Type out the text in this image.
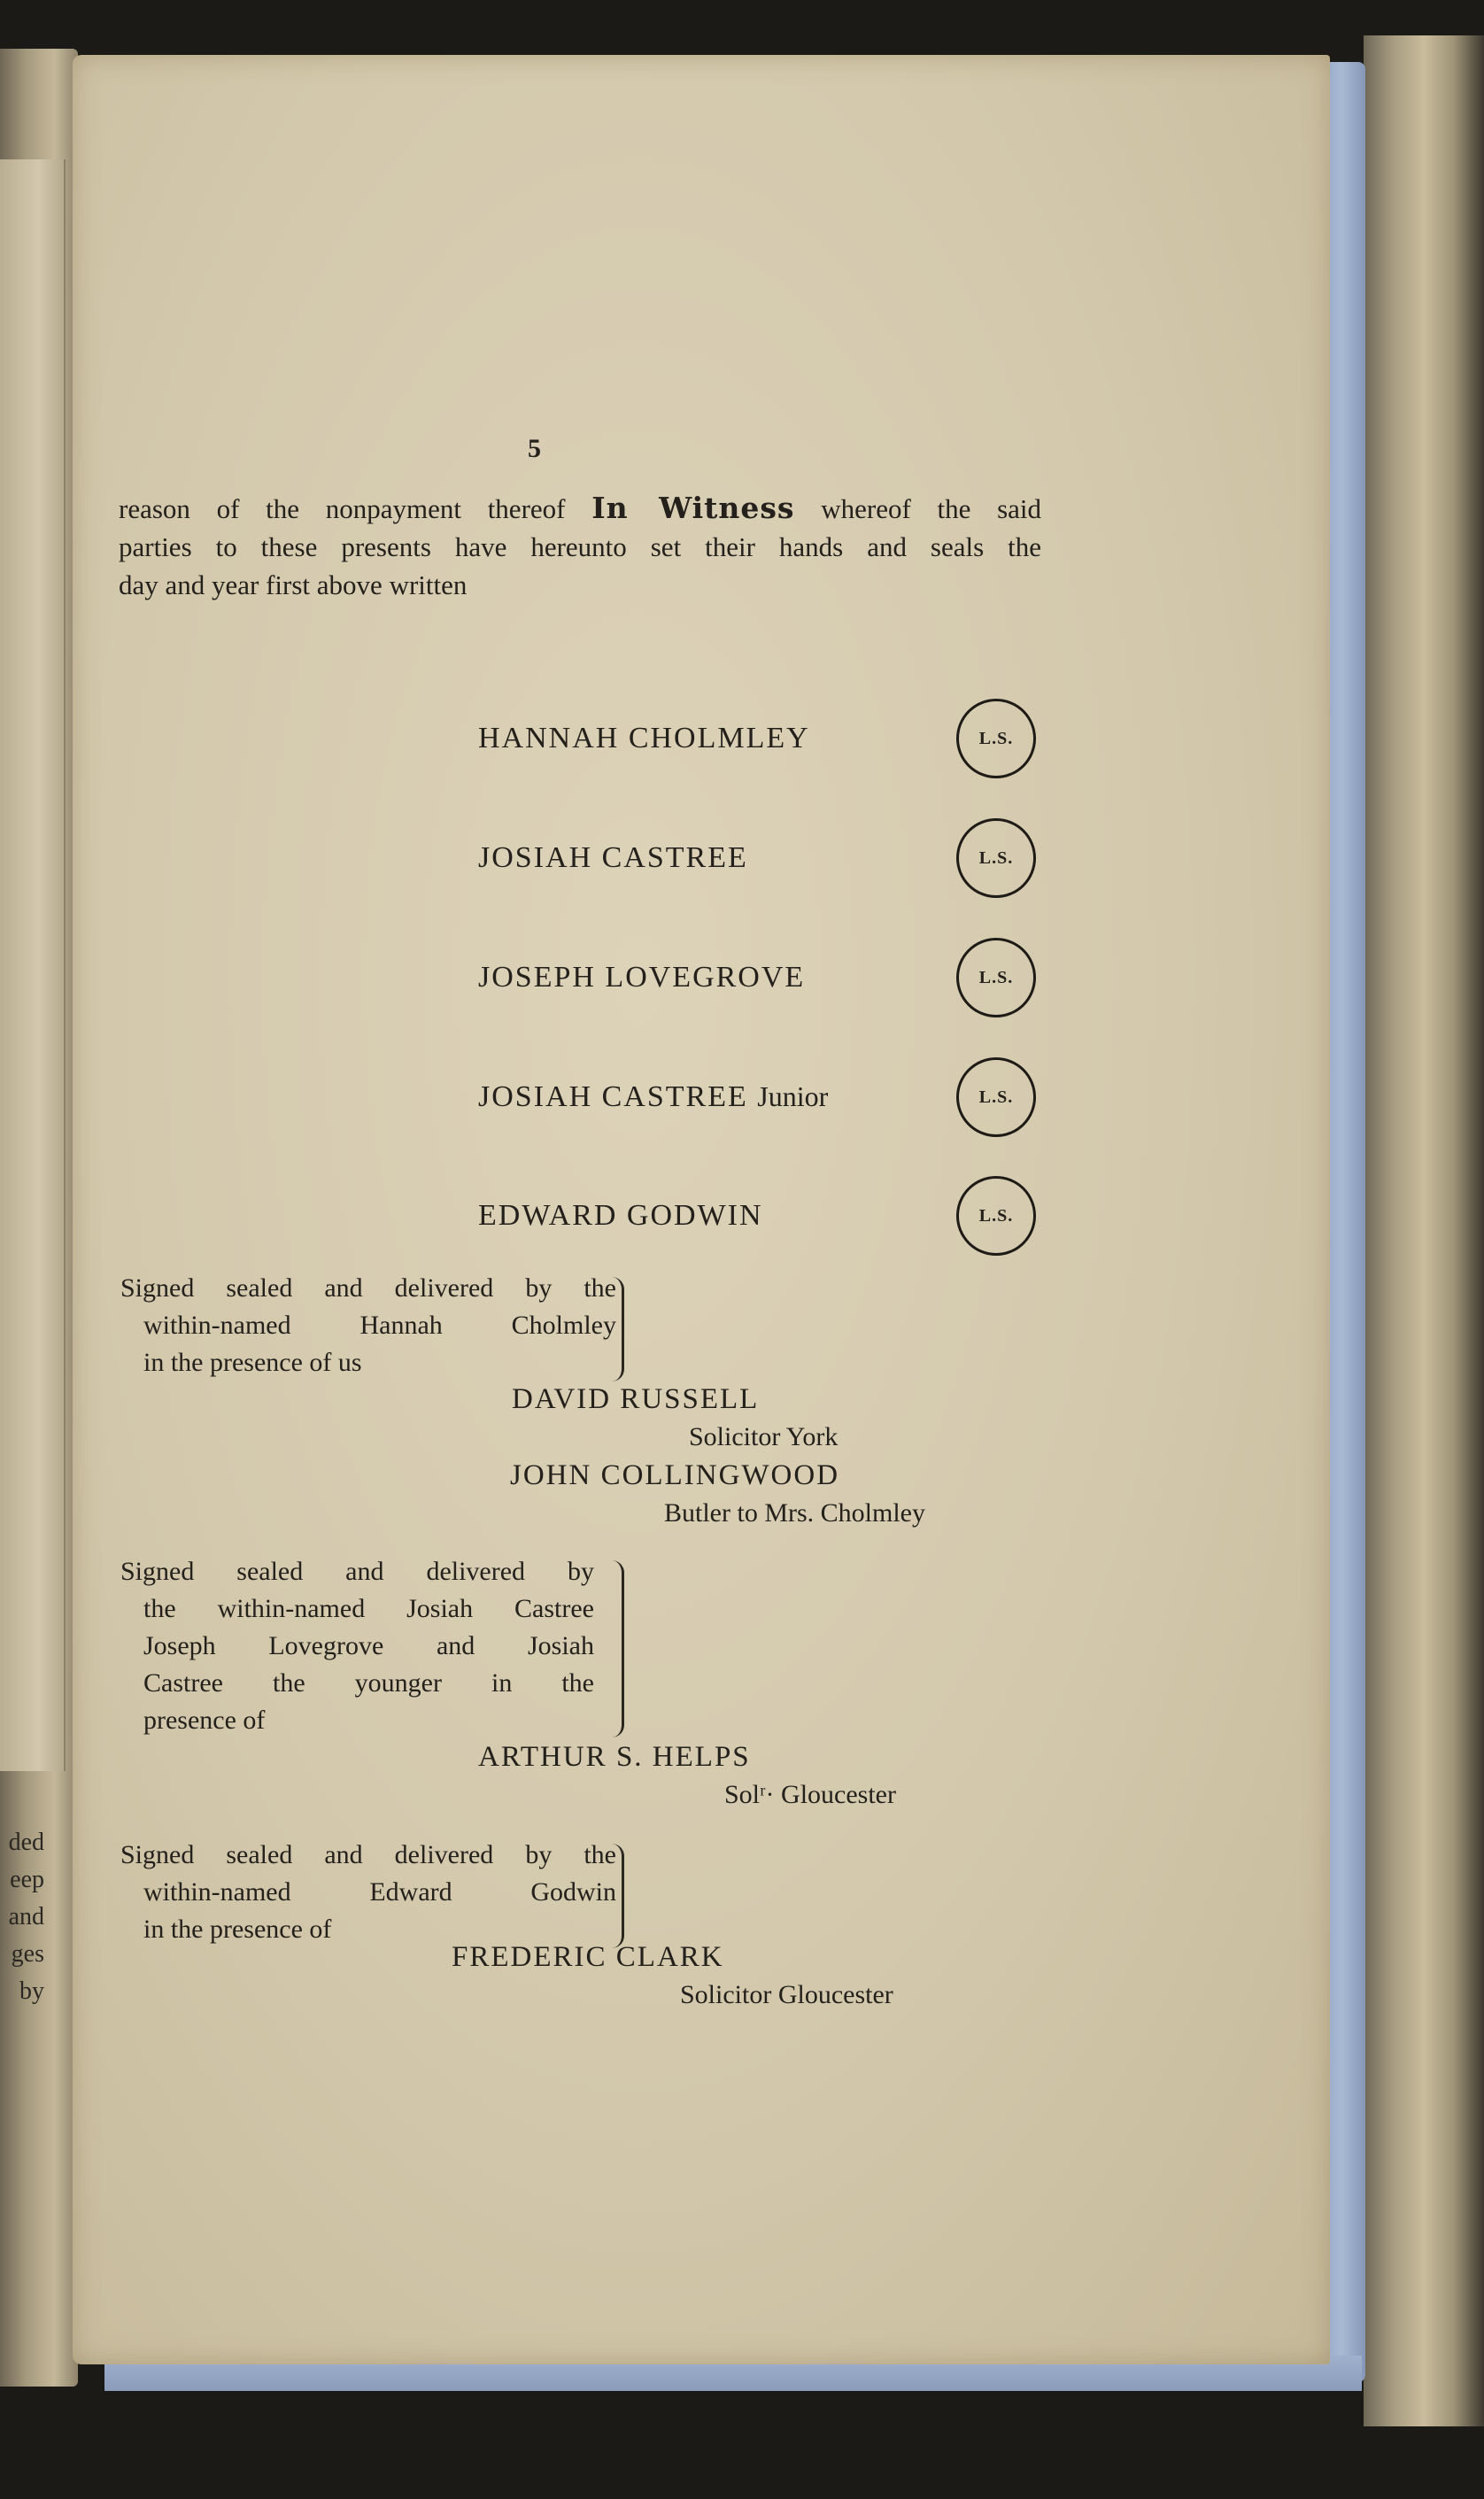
ded
eep
and
ges
by
5
reason of the nonpayment thereof In Witness whereof the said
parties to these presents have hereunto set their hands and seals the
day and year first above written
HANNAH CHOLMLEY	L.S.
JOSIAH CASTREE	L.S.
JOSEPH LOVEGROVE	L.S.
JOSIAH CASTREE Junior	L.S.
EDWARD GODWIN	L.S.
Signed sealed and delivered by the
within-named Hannah Cholmley
in the presence of us
DAVID RUSSELL
Solicitor York
JOHN COLLINGWOOD
Butler to Mrs. Cholmley
Signed sealed and delivered by
the within-named Josiah Castree
Joseph Lovegrove and Josiah
Castree the younger in the
presence of
ARTHUR S. HELPS
Solʳ· Gloucester
Signed sealed and delivered by the
within-named Edward Godwin
in the presence of
FREDERIC CLARK
Solicitor Gloucester
